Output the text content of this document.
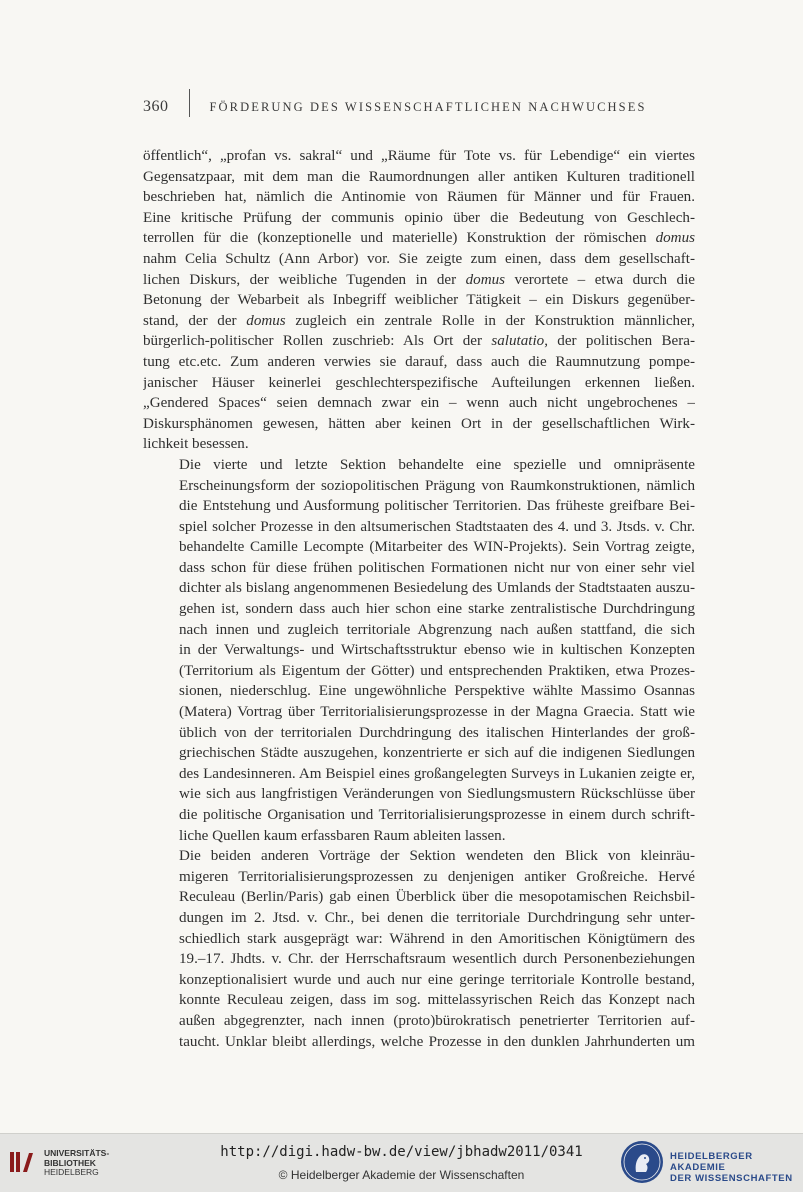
360	FÖRDERUNG DES WISSENSCHAFTLICHEN NACHWUCHSES

öffentlich“, „profan vs. sakral“ und „Räume für Tote vs. für Lebendige“ ein viertes
Gegensatzpaar, mit dem man die Raumordnungen aller antiken Kulturen traditionell
beschrieben hat, nämlich die Antinomie von Räumen für Männer und für Frauen.
Eine kritische Prüfung der communis opinio über die Bedeutung von Geschlech-
terrollen für die (konzeptionelle und materielle) Konstruktion der römischen domus
nahm Celia Schultz (Ann Arbor) vor. Sie zeigte zum einen, dass dem gesellschaft-
lichen Diskurs, der weibliche Tugenden in der domus verortete – etwa durch die
Betonung der Webarbeit als Inbegriff weiblicher Tätigkeit – ein Diskurs gegenüber-
stand, der der domus zugleich ein zentrale Rolle in der Konstruktion männlicher,
bürgerlich-politischer Rollen zuschrieb: Als Ort der salutatio, der politischen Bera-
tung etc.etc. Zum anderen verwies sie darauf, dass auch die Raumnutzung pompe-
janischer Häuser keinerlei geschlechterspezifische Aufteilungen erkennen ließen.
„Gendered Spaces“ seien demnach zwar ein – wenn auch nicht ungebrochenes –
Diskursphänomen gewesen, hätten aber keinen Ort in der gesellschaftlichen Wirk-
lichkeit besessen.

Die vierte und letzte Sektion behandelte eine spezielle und omnipräsente
Erscheinungsform der soziopolitischen Prägung von Raumkonstruktionen, nämlich
die Entstehung und Ausformung politischer Territorien. Das früheste greifbare Bei-
spiel solcher Prozesse in den altsumerischen Stadtstaaten des 4. und 3. Jtsds. v. Chr.
behandelte Camille Lecompte (Mitarbeiter des WIN-Projekts). Sein Vortrag zeigte,
dass schon für diese frühen politischen Formationen nicht nur von einer sehr viel
dichter als bislang angenommenen Besiedelung des Umlands der Stadtstaaten auszu-
gehen ist, sondern dass auch hier schon eine starke zentralistische Durchdringung
nach innen und zugleich territoriale Abgrenzung nach außen stattfand, die sich
in der Verwaltungs- und Wirtschaftsstruktur ebenso wie in kultischen Konzepten
(Territorium als Eigentum der Götter) und entsprechenden Praktiken, etwa Prozes-
sionen, niederschlug. Eine ungewöhnliche Perspektive wählte Massimo Osannas
(Matera) Vortrag über Territorialisierungsprozesse in der Magna Graecia. Statt wie
üblich von der territorialen Durchdringung des italischen Hinterlandes der groß-
griechischen Städte auszugehen, konzentrierte er sich auf die indigenen Siedlungen
des Landesinneren. Am Beispiel eines großangelegten Surveys in Lukanien zeigte er,
wie sich aus langfristigen Veränderungen von Siedlungsmustern Rückschlüsse über
die politische Organisation und Territorialisierungsprozesse in einem durch schrift-
liche Quellen kaum erfassbaren Raum ableiten lassen.

Die beiden anderen Vorträge der Sektion wendeten den Blick von kleinräu-
migeren Territorialisierungsprozessen zu denjenigen antiker Großreiche. Hervé
Reculeau (Berlin/Paris) gab einen Überblick über die mesopotamischen Reichsbil-
dungen im 2. Jtsd. v. Chr., bei denen die territoriale Durchdringung sehr unter-
schiedlich stark ausgeprägt war: Während in den Amoritischen Königtümern des
19.–17. Jhdts. v. Chr. der Herrschaftsraum wesentlich durch Personenbeziehungen
konzeptionalisiert wurde und auch nur eine geringe territoriale Kontrolle bestand,
konnte Reculeau zeigen, dass im sog. mittelassyrischen Reich das Konzept nach
außen abgegrenzter, nach innen (proto)bürokratisch penetrierter Territorien auf-
taucht. Unklar bleibt allerdings, welche Prozesse in den dunklen Jahrhunderten um

UNIVERSITÄTS-
BIBLIOTHEK
HEIDELBERG
http://digi.hadw-bw.de/view/jbhadw2011/0341
© Heidelberger Akademie der Wissenschaften
HEIDELBERGER AKADEMIE
DER WISSENSCHAFTEN
